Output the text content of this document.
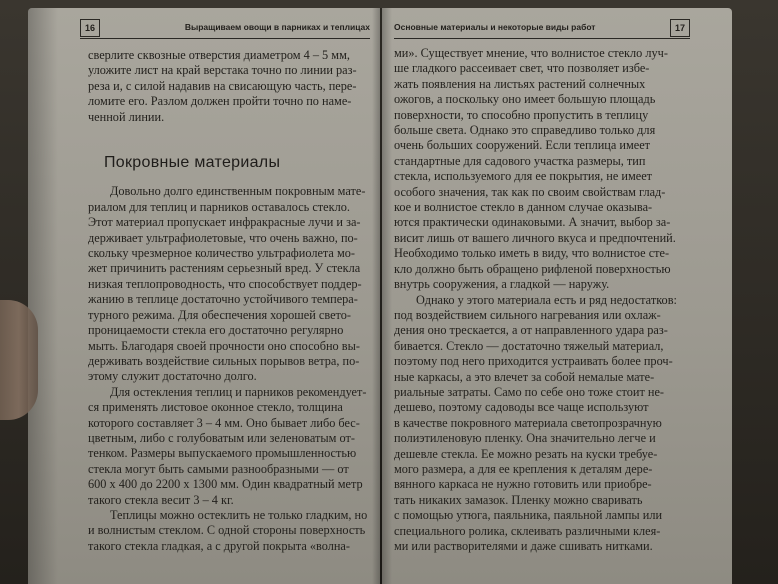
16	Выращиваем овощи в парниках и теплицах
сверлите сквозные отверстия диаметром 4 – 5 мм,
уложите лист на край верстака точно по линии раз-
реза и, с силой надавив на свисающую часть, пере-
ломите его. Разлом должен пройти точно по наме-
ченной линии.
Покровные материалы
Довольно долго единственным покровным мате-
риалом для теплиц и парников оставалось стекло.
Этот материал пропускает инфракрасные лучи и за-
держивает ультрафиолетовые, что очень важно, по-
скольку чрезмерное количество ультрафиолета мо-
жет причинить растениям серьезный вред. У стекла
низкая теплопроводность, что способствует поддер-
жанию в теплице достаточно устойчивого темпера-
турного режима. Для обеспечения хорошей свето-
проницаемости стекла его достаточно регулярно
мыть. Благодаря своей прочности оно способно вы-
держивать воздействие сильных порывов ветра, по-
этому служит достаточно долго.
Для остекления теплиц и парников рекомендует-
ся применять листовое оконное стекло, толщина
которого составляет 3 – 4 мм. Оно бывает либо бес-
цветным, либо с голубоватым или зеленоватым от-
тенком. Размеры выпускаемого промышленностью
стекла могут быть самыми разнообразными — от
600 х 400 до 2200 х 1300 мм. Один квадратный метр
такого стекла весит 3 – 4 кг.
Теплицы можно остеклить не только гладким, но
и волнистым стеклом. С одной стороны поверхность
такого стекла гладкая, а с другой покрыта «волна-
Основные материалы и некоторые виды работ	17
ми». Существует мнение, что волнистое стекло луч-
ше гладкого рассеивает свет, что позволяет избе-
жать появления на листьях растений солнечных
ожогов, а поскольку оно имеет большую площадь
поверхности, то способно пропустить в теплицу
больше света. Однако это справедливо только для
очень больших сооружений. Если теплица имеет
стандартные для садового участка размеры, тип
стекла, используемого для ее покрытия, не имеет
особого значения, так как по своим свойствам глад-
кое и волнистое стекло в данном случае оказыва-
ются практически одинаковыми. А значит, выбор за-
висит лишь от вашего личного вкуса и предпочтений.
Необходимо только иметь в виду, что волнистое сте-
кло должно быть обращено рифленой поверхностью
внутрь сооружения, а гладкой — наружу.
Однако у этого материала есть и ряд недостатков:
под воздействием сильного нагревания или охлаж-
дения оно трескается, а от направленного удара раз-
бивается. Стекло — достаточно тяжелый материал,
поэтому под него приходится устраивать более проч-
ные каркасы, а это влечет за собой немалые мате-
риальные затраты. Само по себе оно тоже стоит не-
дешево, поэтому садоводы все чаще используют
в качестве покровного материала светопрозрачную
полиэтиленовую пленку. Она значительно легче и
дешевле стекла. Ее можно резать на куски требуе-
мого размера, а для ее крепления к деталям дере-
вянного каркаса не нужно готовить или приобре-
тать никаких замазок. Пленку можно сваривать
с помощью утюга, паяльника, паяльной лампы или
специального ролика, склеивать различными клея-
ми или растворителями и даже сшивать нитками.
